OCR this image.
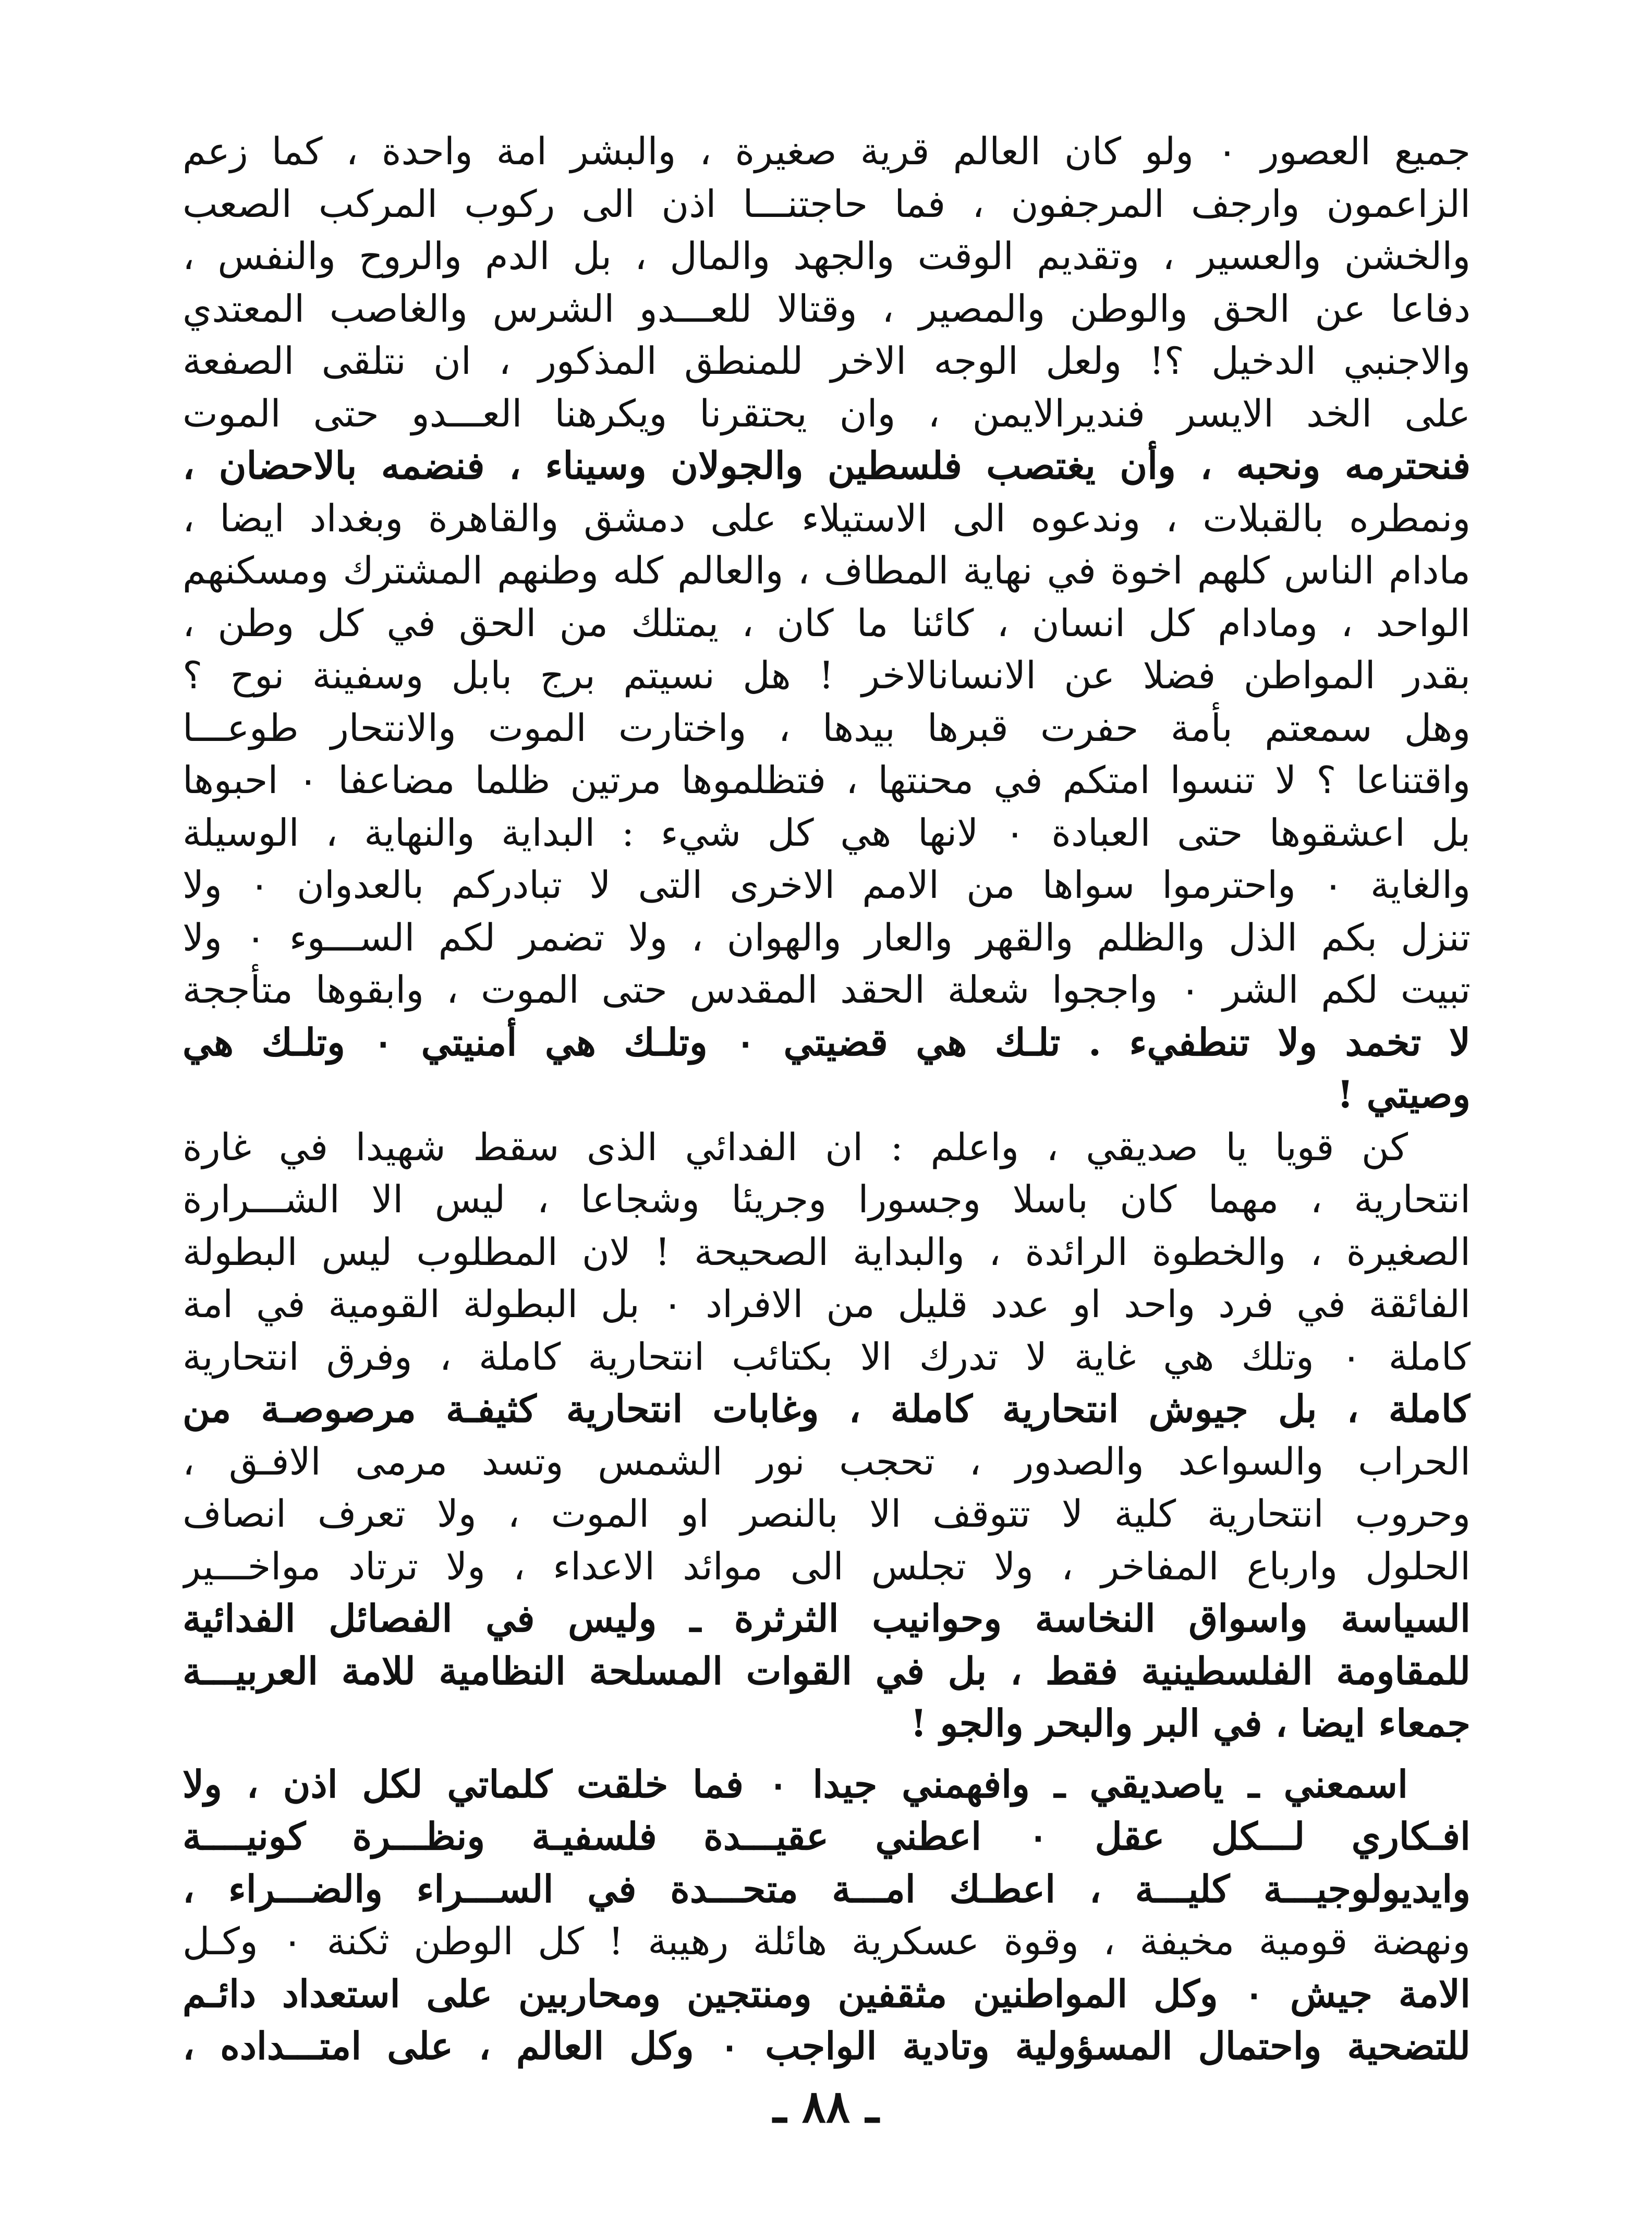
جميع العصور ٠ ولو كان العالم قرية صغيرة ، والبشر امة واحدة ، كما زعم
الزاعمون وارجف المرجفون ، فما حاجتنـــا اذن الى ركوب المركب الصعب
والخشن والعسير ، وتقديم الوقت والجهد والمال ، بل الدم والروح والنفس ،
دفاعا عن الحق والوطن والمصير ، وقتالا للعـــدو الشرس والغاصب المعتدي
والاجنبي الدخيل ؟! ولعل الوجه الاخر للمنطق المذكور ، ان نتلقى الصفعة
على الخد الايسر فنديرالايمن ، وان يحتقرنا ويكرهنا العـــدو حتى الموت
فنحترمه ونحبه ، وأن يغتصب فلسطين والجولان وسيناء ، فنضمه بالاحضان ،
ونمطره بالقبلات ، وندعوه الى الاستيلاء على دمشق والقاهرة وبغداد ايضا ،
مادام الناس كلهم اخوة في نهاية المطاف ، والعالم كله وطنهم المشترك ومسكنهم
الواحد ، ومادام كل انسان ، كائنا ما كان ، يمتلك من الحق في كل وطن ،
بقدر المواطن فضلا عن الانسانالاخر ! هل نسيتم برج بابل وسفينة نوح ؟
وهل سمعتم بأمة حفرت قبرها بيدها ، واختارت الموت والانتحار طوعـــا
واقتناعا ؟ لا تنسوا امتكم في محنتها ، فتظلموها مرتين ظلما مضاعفا ٠ احبوها
بل اعشقوها حتى العبادة ٠ لانها هي كل شيء : البداية والنهاية ، الوسيلة
والغاية ٠ واحترموا سواها من الامم الاخرى التى لا تبادركم بالعدوان ٠ ولا
تنزل بكم الذل والظلم والقهر والعار والهوان ، ولا تضمر لكم الســـوء ٠ ولا
تبيت لكم الشر ٠ واججوا شعلة الحقد المقدس حتى الموت ، وابقوها متأججة
لا تخمد ولا تنطفيء . تلـك هي قضيتي ٠ وتلـك هي أمنيتي ٠ وتلـك هي
وصيتي !
كن قويا يا صديقي ، واعلم : ان الفدائي الذى سقط شهيدا في غارة
انتحارية ، مهما كان باسلا وجسورا وجريئا وشجاعا ، ليس الا الشـــرارة
الصغيرة ، والخطوة الرائدة ، والبداية الصحيحة ! لان المطلوب ليس البطولة
الفائقة في فرد واحد او عدد قليل من الافراد ٠ بل البطولة القومية في امة
كاملة ٠ وتلك هي غاية لا تدرك الا بكتائب انتحارية كاملة ، وفرق انتحارية
كاملة ، بل جيوش انتحارية كاملة ، وغابات انتحارية كثيفـة مرصوصـة من
الحراب والسواعد والصدور ، تحجب نور الشمس وتسد مرمى الافـق ،
وحروب انتحارية كلية لا تتوقف الا بالنصر او الموت ، ولا تعرف انصاف
الحلول وارباع المفاخر ، ولا تجلس الى موائد الاعداء ، ولا ترتاد مواخـــير
السياسة واسواق النخاسة وحوانيب الثرثرة ـ وليس في الفصائل الفدائية
للمقاومة الفلسطينية فقط ، بل في القوات المسلحة النظامية للامة العربيـــة
جمعاء ايضا ، في البر والبحر والجو !
اسمعني ـ ياصديقي ـ وافهمني جيدا ٠ فما خلقت كلماتي لكل اذن ، ولا
افـكاري لـــكل عقل ٠ اعطني عقيـــدة فلسفيـة ونظـــرة كونيــــة
وايديولوجيـــة كليـــة ، اعطـك امـــة متحـــدة في الســـراء والضـــراء ،
ونهضة قومية مخيفة ، وقوة عسكرية هائلة رهيبة ! كل الوطن ثكنة ٠ وكـل
الامة جيش ٠ وكل المواطنين مثقفين ومنتجين ومحاربين على استعداد دائـم
للتضحية واحتمال المسؤولية وتادية الواجب ٠ وكل العالم ، على امتـــداده ،
ـ ٨٨ ـ
